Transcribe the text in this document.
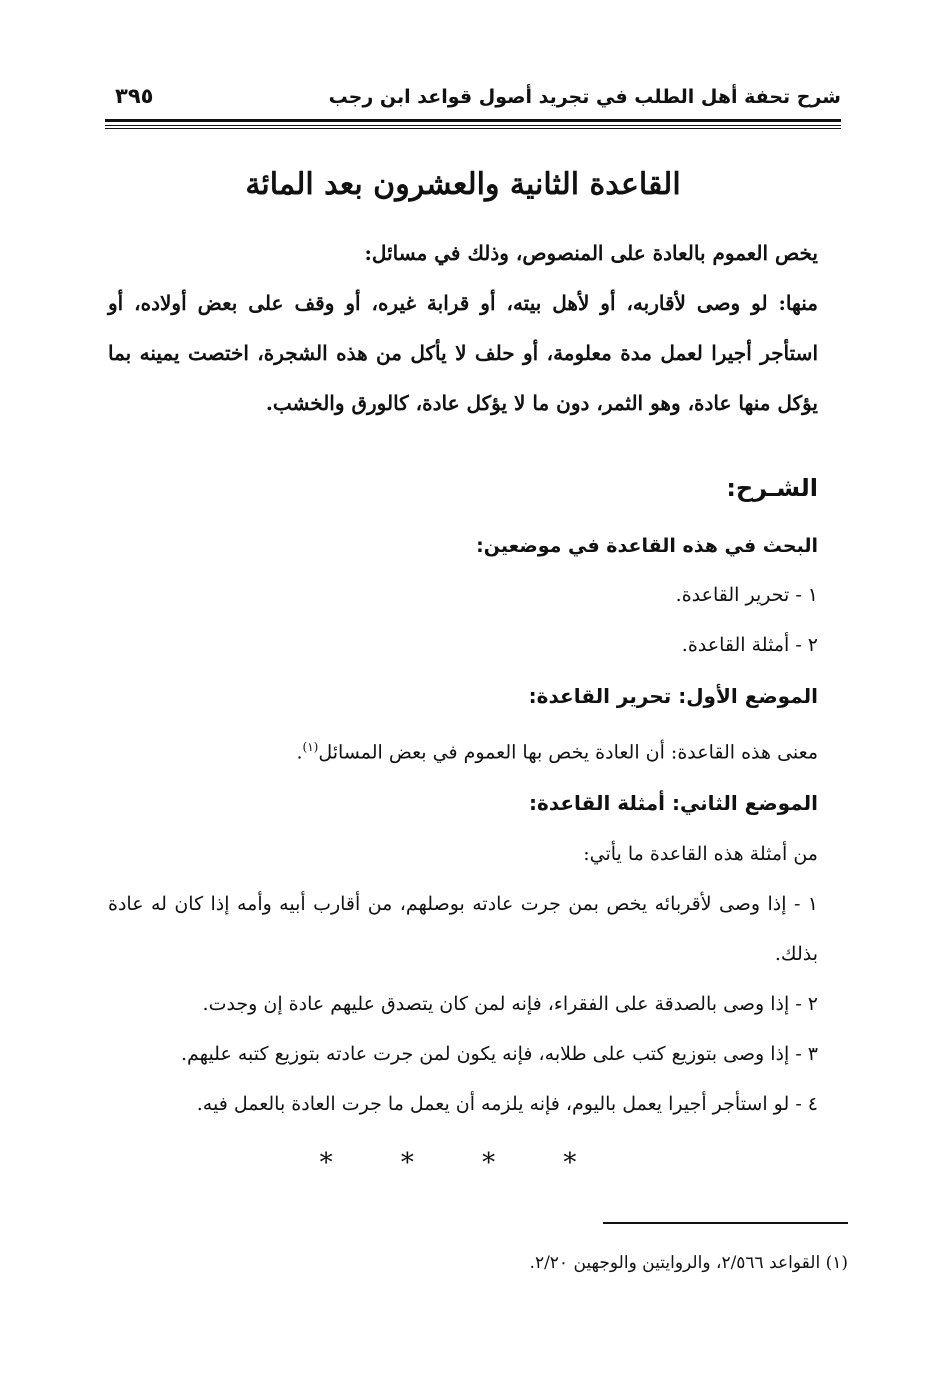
شرح تحفة أهل الطلب في تجريد أصول قواعد ابن رجب
٣٩٥
القاعدة الثانية والعشرون بعد المائة

يخص العموم بالعادة على المنصوص، وذلك في مسائل:

منها: لو وصى لأقاربه، أو لأهل بيته، أو قرابة غيره، أو وقف على بعض أولاده، أو استأجر أجيرا لعمل مدة معلومة، أو حلف لا يأكل من هذه الشجرة، اختصت يمينه بما يؤكل منها عادة، وهو الثمر، دون ما لا يؤكل عادة، كالورق والخشب.

الشـرح:

البحث في هذه القاعدة في موضعين:

١ - تحرير القاعدة.

٢ - أمثلة القاعدة.

الموضع الأول: تحرير القاعدة:

معنى هذه القاعدة: أن العادة يخص بها العموم في بعض المسائل$^{(١)}$.

الموضع الثاني: أمثلة القاعدة:

من أمثلة هذه القاعدة ما يأتي:

١ - إذا وصى لأقربائه يخص بمن جرت عادته بوصلهم، من أقارب أبيه وأمه إذا كان له عادة بذلك.

٢ - إذا وصى بالصدقة على الفقراء، فإنه لمن كان يتصدق عليهم عادة إن وجدت.

٣ - إذا وصى بتوزيع كتب على طلابه، فإنه يكون لمن جرت عادته بتوزيع كتبه عليهم.

٤ - لو استأجر أجيرا يعمل باليوم، فإنه يلزمه أن يعمل ما جرت العادة بالعمل فيه.

* * * *
(١) القواعد ٢/٥٦٦، والروايتين والوجهين ٢/٢٠.
